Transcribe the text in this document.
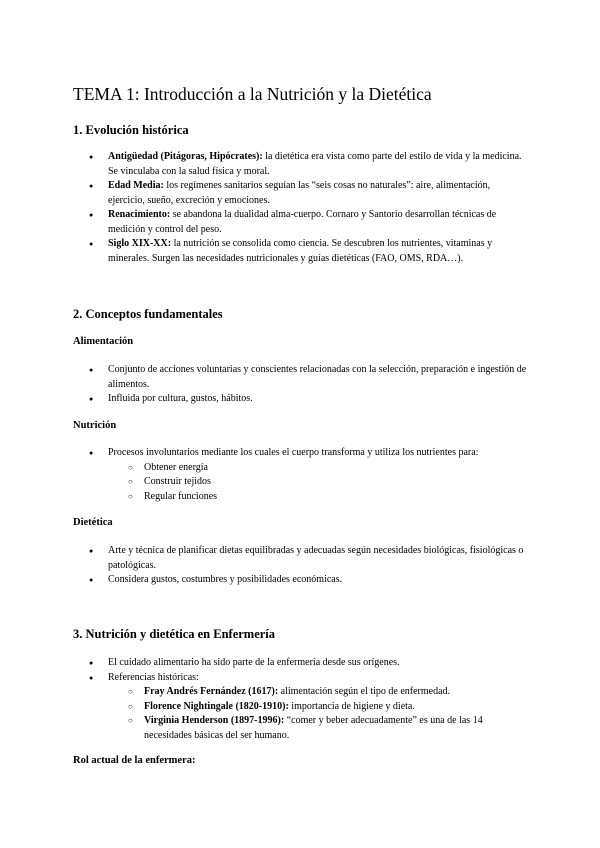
TEMA 1: Introducción a la Nutrición y la Dietética
1. Evolución histórica
● Antigüedad (Pitágoras, Hipócrates): la dietética era vista como parte del estilo de vida y la medicina. Se vinculaba con la salud física y moral.
● Edad Media: los regímenes sanitarios seguían las “seis cosas no naturales”: aire, alimentación, ejercicio, sueño, excreción y emociones.
● Renacimiento: se abandona la dualidad alma-cuerpo. Cornaro y Santorio desarrollan técnicas de medición y control del peso.
● Siglo XIX-XX: la nutrición se consolida como ciencia. Se descubren los nutrientes, vitaminas y minerales. Surgen las necesidades nutricionales y guías dietéticas (FAO, OMS, RDA…).
2. Conceptos fundamentales
Alimentación
● Conjunto de acciones voluntarias y conscientes relacionadas con la selección, preparación e ingestión de alimentos.
● Influida por cultura, gustos, hábitos.
Nutrición
● Procesos involuntarios mediante los cuales el cuerpo transforma y utiliza los nutrientes para:
○ Obtener energía
○ Construir tejidos
○ Regular funciones
Dietética
● Arte y técnica de planificar dietas equilibradas y adecuadas según necesidades biológicas, fisiológicas o patológicas.
● Considera gustos, costumbres y posibilidades económicas.
3. Nutrición y dietética en Enfermería
● El cuidado alimentario ha sido parte de la enfermería desde sus orígenes.
● Referencias históricas:
○ Fray Andrés Fernández (1617): alimentación según el tipo de enfermedad.
○ Florence Nightingale (1820-1910): importancia de higiene y dieta.
○ Virginia Henderson (1897-1996): “comer y beber adecuadamente” es una de las 14 necesidades básicas del ser humano.
Rol actual de la enfermera:
